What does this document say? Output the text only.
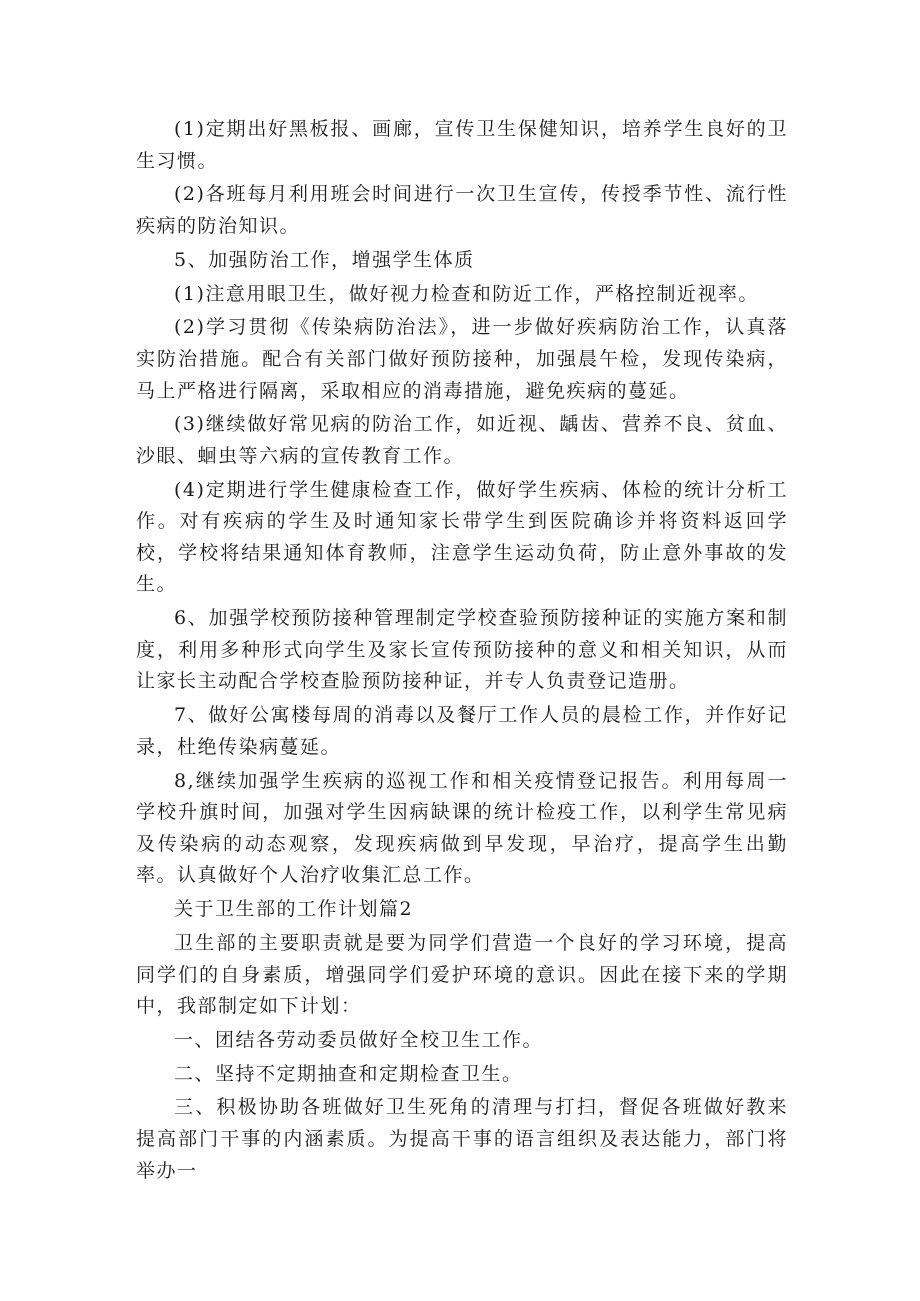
(1)定期出好黑板报、画廊，宣传卫生保健知识，培养学生良好的卫生习惯。

(2)各班每月利用班会时间进行一次卫生宣传，传授季节性、流行性疾病的防治知识。

5、加强防治工作，增强学生体质

(1)注意用眼卫生，做好视力检查和防近工作，严格控制近视率。

(2)学习贯彻《传染病防治法》，进一步做好疾病防治工作，认真落实防治措施。配合有关部门做好预防接种，加强晨午检，发现传染病，马上严格进行隔离，采取相应的消毒措施，避免疾病的蔓延。

(3)继续做好常见病的防治工作，如近视、龋齿、营养不良、贫血、沙眼、蛔虫等六病的宣传教育工作。

(4)定期进行学生健康检查工作，做好学生疾病、体检的统计分析工作。对有疾病的学生及时通知家长带学生到医院确诊并将资料返回学校，学校将结果通知体育教师，注意学生运动负荷，防止意外事故的发生。

6、加强学校预防接种管理制定学校查验预防接种证的实施方案和制度，利用多种形式向学生及家长宣传预防接种的意义和相关知识，从而让家长主动配合学校查脸预防接种证，并专人负责登记造册。

7、做好公寓楼每周的消毒以及餐厅工作人员的晨检工作，并作好记录，杜绝传染病蔓延。

8,继续加强学生疾病的巡视工作和相关疫情登记报告。利用每周一学校升旗时间，加强对学生因病缺课的统计检疫工作，以利学生常见病及传染病的动态观察，发现疾病做到早发现，早治疗，提高学生出勤率。认真做好个人治疗收集汇总工作。

关于卫生部的工作计划篇2

卫生部的主要职责就是要为同学们营造一个良好的学习环境，提高同学们的自身素质，增强同学们爱护环境的意识。因此在接下来的学期中，我部制定如下计划：

一、团结各劳动委员做好全校卫生工作。

二、坚持不定期抽查和定期检查卫生。

三、积极协助各班做好卫生死角的清理与打扫，督促各班做好教来提高部门干事的内涵素质。为提高干事的语言组织及表达能力，部门将举办一
